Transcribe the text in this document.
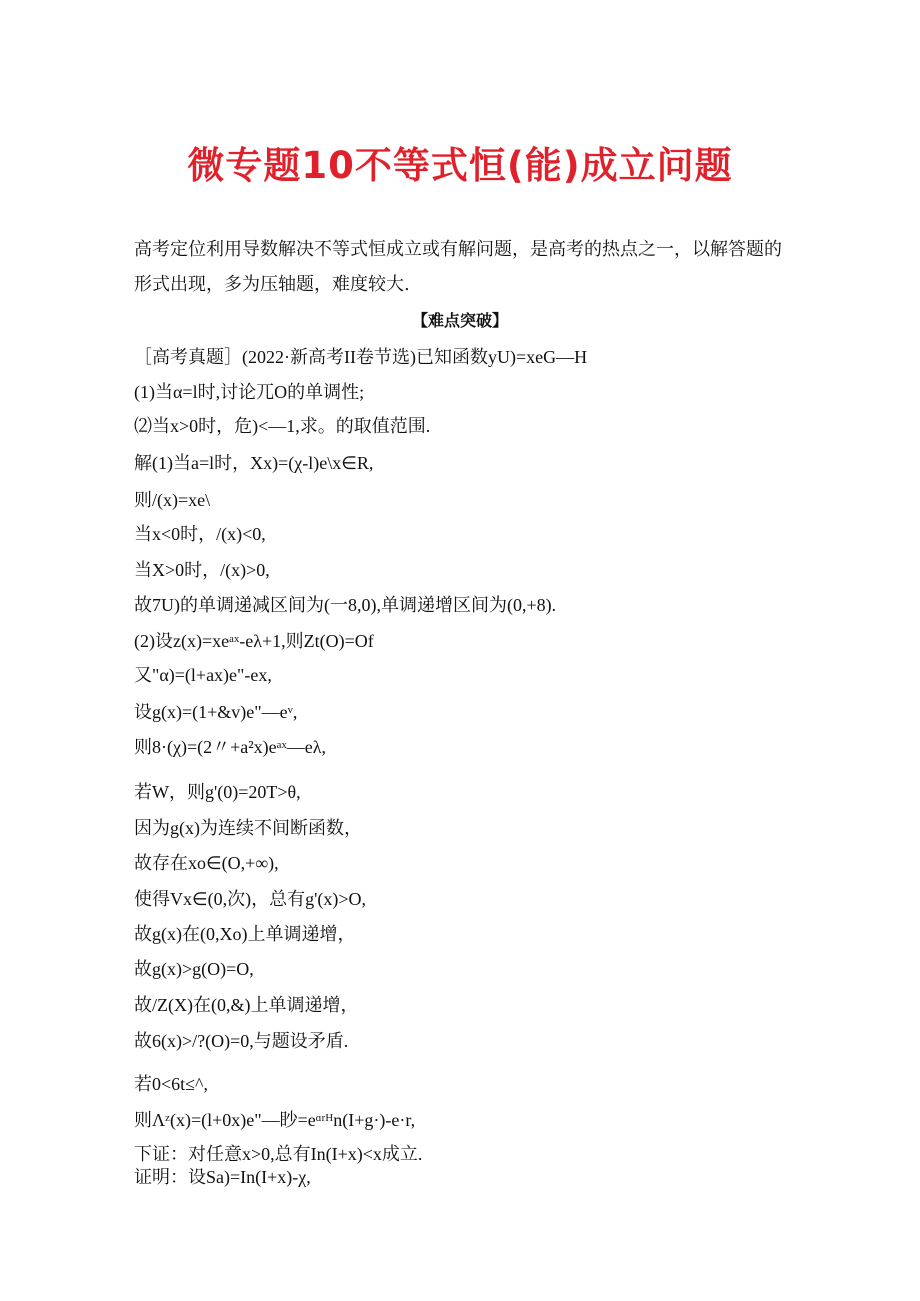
微专题10不等式恒(能)成立问题
高考定位利用导数解决不等式恒成立或有解问题，是高考的热点之一，以解答题的形式出现，多为压轴题，难度较大.
【难点突破】
［高考真题］(2022·新高考II卷节选)已知函数yU)=xeG—H
(1)当α=l时,讨论兀O的单调性;
⑵当x>0时，危)<—1,求。的取值范围.
解(1)当a=l时，Xx)=(χ-l)e\x∈R,
则/(x)=xe\
当x<0时，/(x)<0,
当X>0时，/(x)>0,
故7U)的单调递减区间为(一8,0),单调递增区间为(0,+8).
(2)设z(x)=xeᵃˣ-eλ+1,则Zt(O)=Of
又"α)=(l+ax)e"-ex,
设g(x)=(1+&v)e"—eᵛ,
则8·(χ)=(2〃+a²x)eᵃˣ—eλ,
若W，则g'(0)=20T>θ,
因为g(x)为连续不间断函数，
故存在xo∈(O,+∞),
使得Vx∈(0,次)，总有g'(x)>O,
故g(x)在(0,Xo)上单调递增，
故g(x)>g(O)=O,
故/Z(X)在(0,&)上单调递增，
故6(x)>/?(O)=0,与题设矛盾.
若0<6t≤^,
则Λᶻ(x)=(l+0x)e"—眇=eᵅʳᴴn(I+g·)-e·r,
下证：对任意x>0,总有In(I+x)<x成立.
证明：设Sa)=In(I+x)-χ,
